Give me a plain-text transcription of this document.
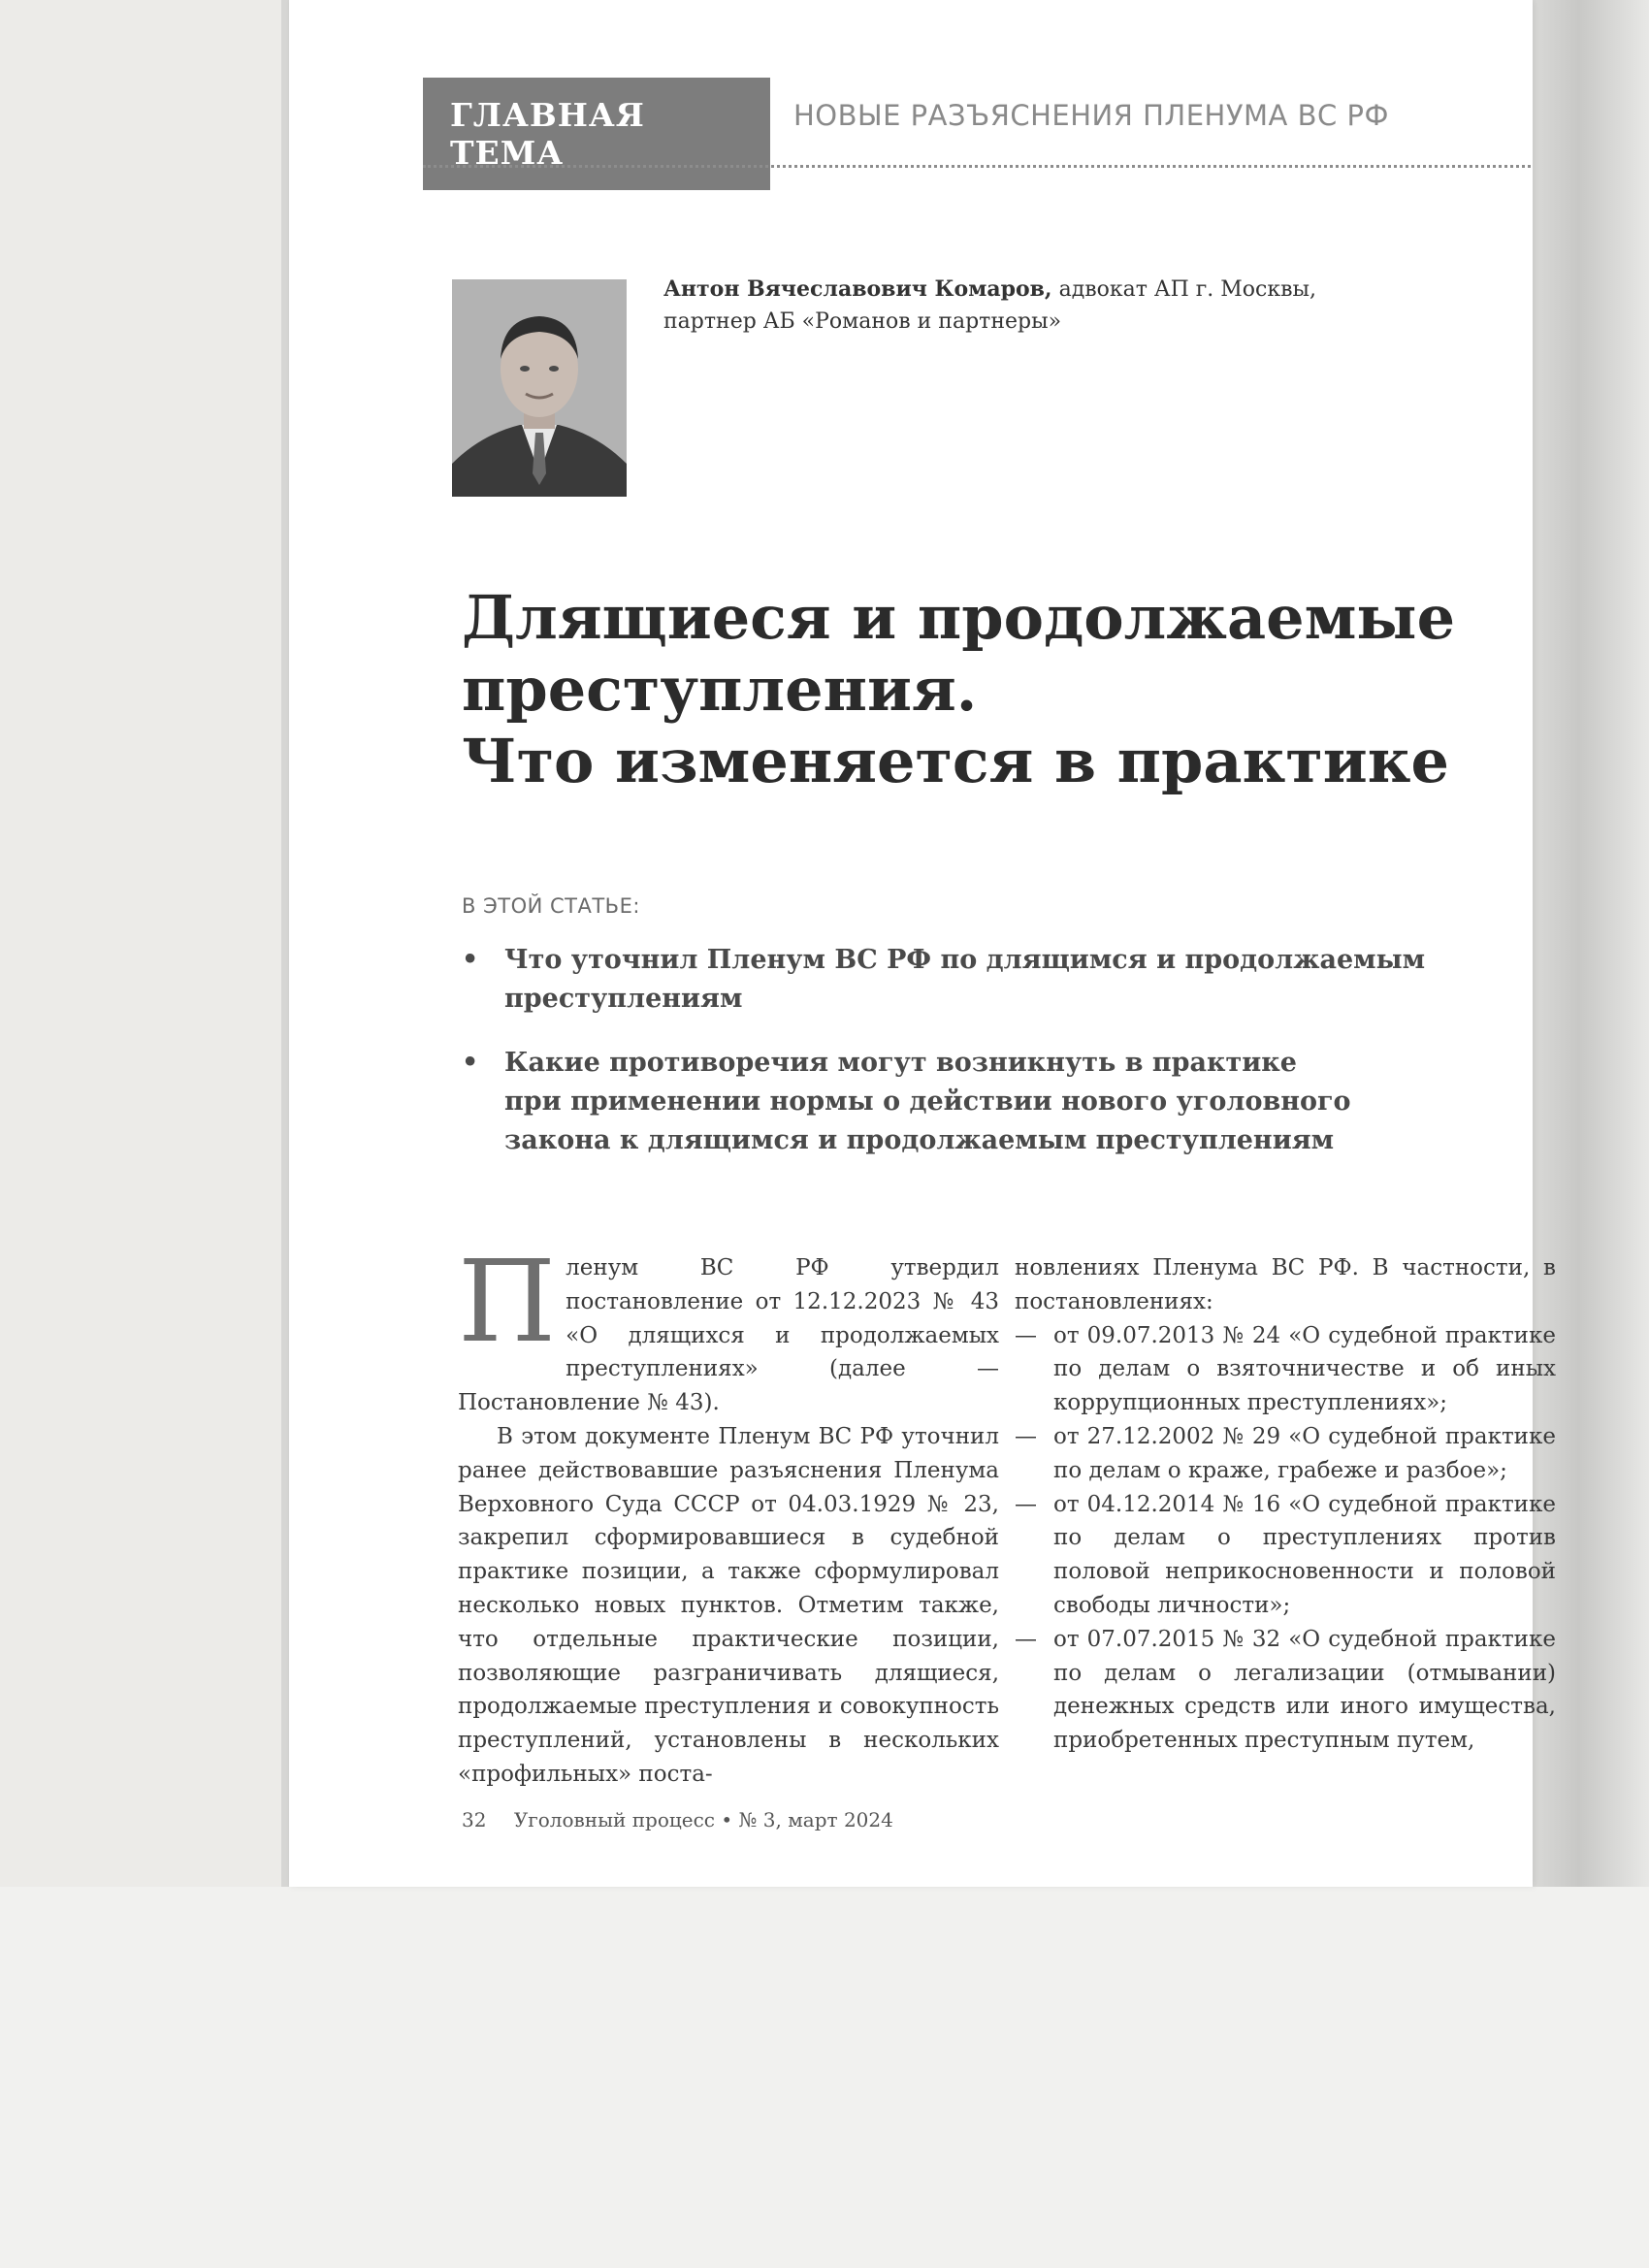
ГЛАВНАЯ ТЕМА
НОВЫЕ РАЗЪЯСНЕНИЯ ПЛЕНУМА ВС РФ
Антон Вячеславович Комаров, адвокат АП г. Москвы,
партнер АБ «Романов и партнеры»
Длящиеся и продолжаемые
преступления.
Что изменяется в практике
В ЭТОЙ СТАТЬЕ:
• Что уточнил Пленум ВС РФ по длящимся и продолжаемым
преступлениям
• Какие противоречия могут возникнуть в практике
при применении нормы о действии нового уголовного
закона к длящимся и продолжаемым преступлениям
П ленум ВС РФ утвердил постановление от 12.12.2023 № 43 «О длящихся и продолжаемых преступлениях» (далее — Постановление № 43).

В этом документе Пленум ВС РФ уточнил ранее действовавшие разъяснения Пленума Верховного Суда СССР от 04.03.1929 № 23, закрепил сформировавшиеся в судебной практике позиции, а также сформулировал несколько новых пунктов. Отметим также, что отдельные практические позиции, позволяющие разграничивать длящиеся, продолжаемые преступления и совокупность преступлений, установлены в нескольких «профильных» поста-

новлениях Пленума ВС РФ. В частности, в постановлениях:

— от 09.07.2013 № 24 «О судебной практике по делам о взяточничестве и об иных коррупционных преступлениях»;
— от 27.12.2002 № 29 «О судебной практике по делам о краже, грабеже и разбое»;
— от 04.12.2014 № 16 «О судебной практике по делам о преступлениях против половой неприкосновенности и половой свободы личности»;
— от 07.07.2015 № 32 «О судебной практике по делам о легализации (отмывании) денежных средств или иного имущества, приобретенных преступным путем,
32 Уголовный процесс • № 3, март 2024
